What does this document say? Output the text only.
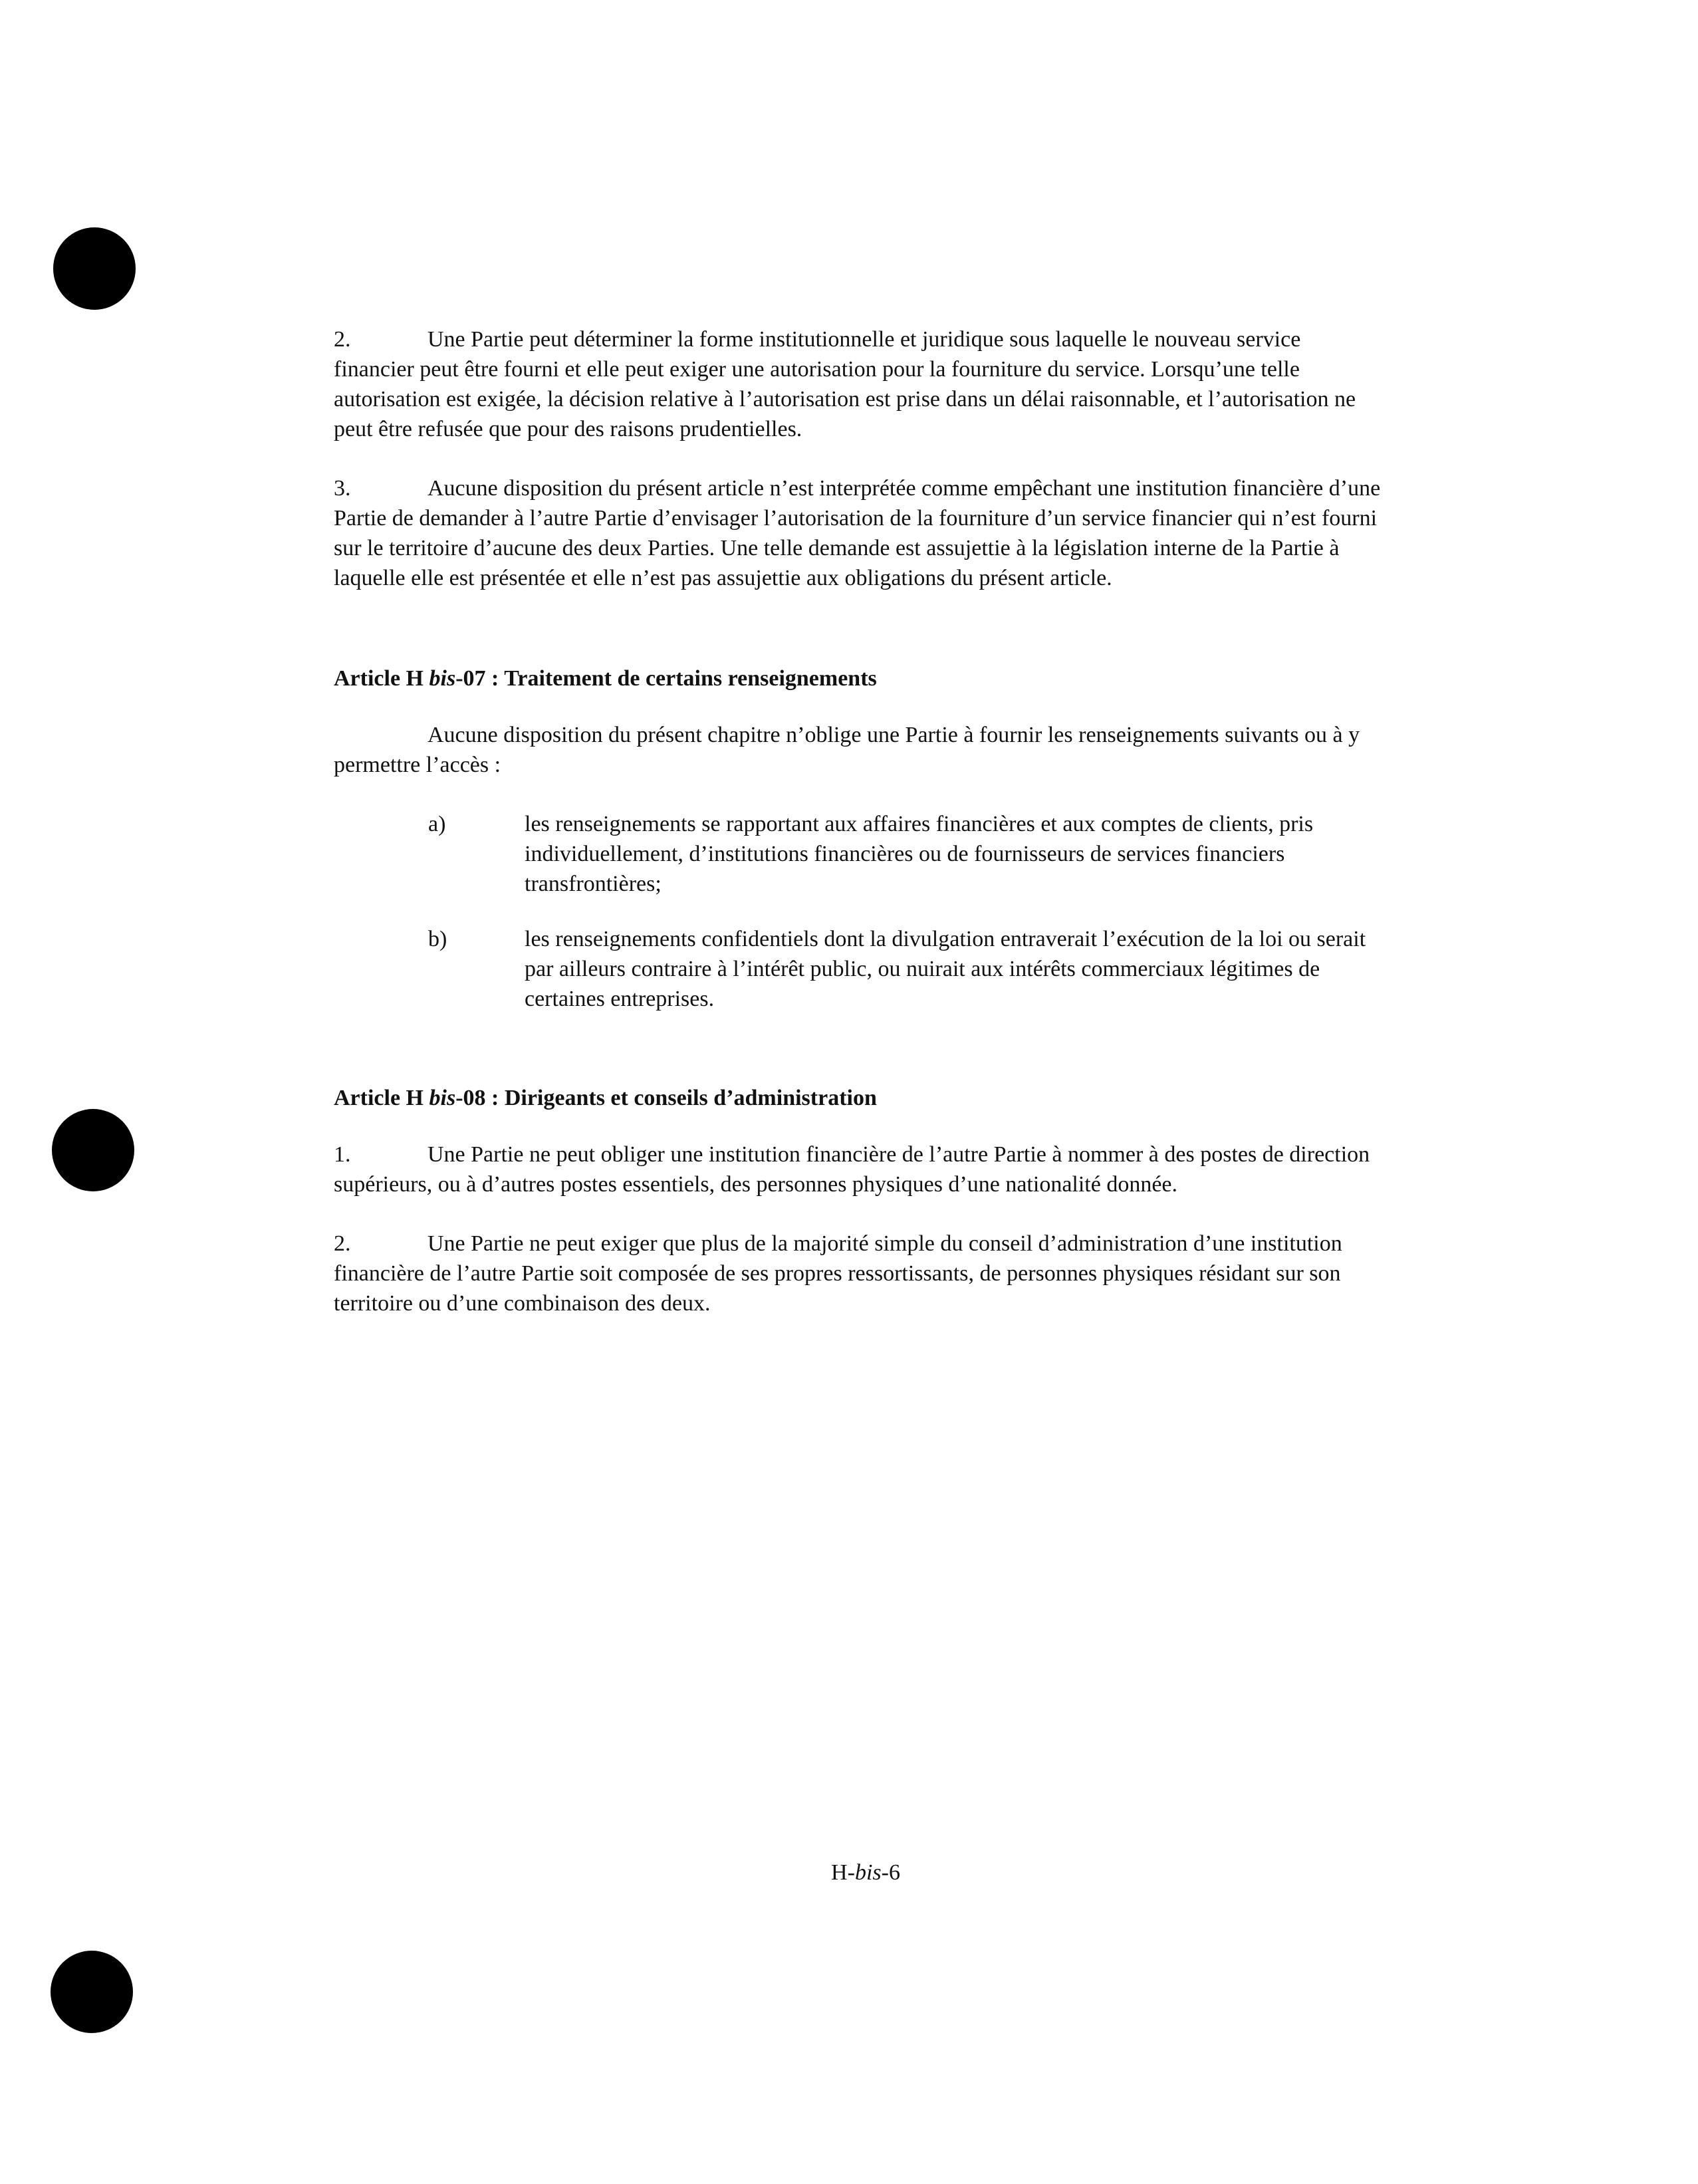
2.	Une Partie peut déterminer la forme institutionnelle et juridique sous laquelle le nouveau service financier peut être fourni et elle peut exiger une autorisation pour la fourniture du service. Lorsqu’une telle autorisation est exigée, la décision relative à l’autorisation est prise dans un délai raisonnable, et l’autorisation ne peut être refusée que pour des raisons prudentielles.

3.	Aucune disposition du présent article n’est interprétée comme empêchant une institution financière d’une Partie de demander à l’autre Partie d’envisager l’autorisation de la fourniture d’un service financier qui n’est fourni sur le territoire d’aucune des deux Parties. Une telle demande est assujettie à la législation interne de la Partie à laquelle elle est présentée et elle n’est pas assujettie aux obligations du présent article.

Article H bis-07 : Traitement de certains renseignements

Aucune disposition du présent chapitre n’oblige une Partie à fournir les renseignements suivants ou à y permettre l’accès :

a)	les renseignements se rapportant aux affaires financières et aux comptes de clients, pris individuellement, d’institutions financières ou de fournisseurs de services financiers transfrontières;
b)	les renseignements confidentiels dont la divulgation entraverait l’exécution de la loi ou serait par ailleurs contraire à l’intérêt public, ou nuirait aux intérêts commerciaux légitimes de certaines entreprises.
Article H bis-08 : Dirigeants et conseils d’administration

1.	Une Partie ne peut obliger une institution financière de l’autre Partie à nommer à des postes de direction supérieurs, ou à d’autres postes essentiels, des personnes physiques d’une nationalité donnée.

2.	Une Partie ne peut exiger que plus de la majorité simple du conseil d’administration d’une institution financière de l’autre Partie soit composée de ses propres ressortissants, de personnes physiques résidant sur son territoire ou d’une combinaison des deux.

H-bis-6
